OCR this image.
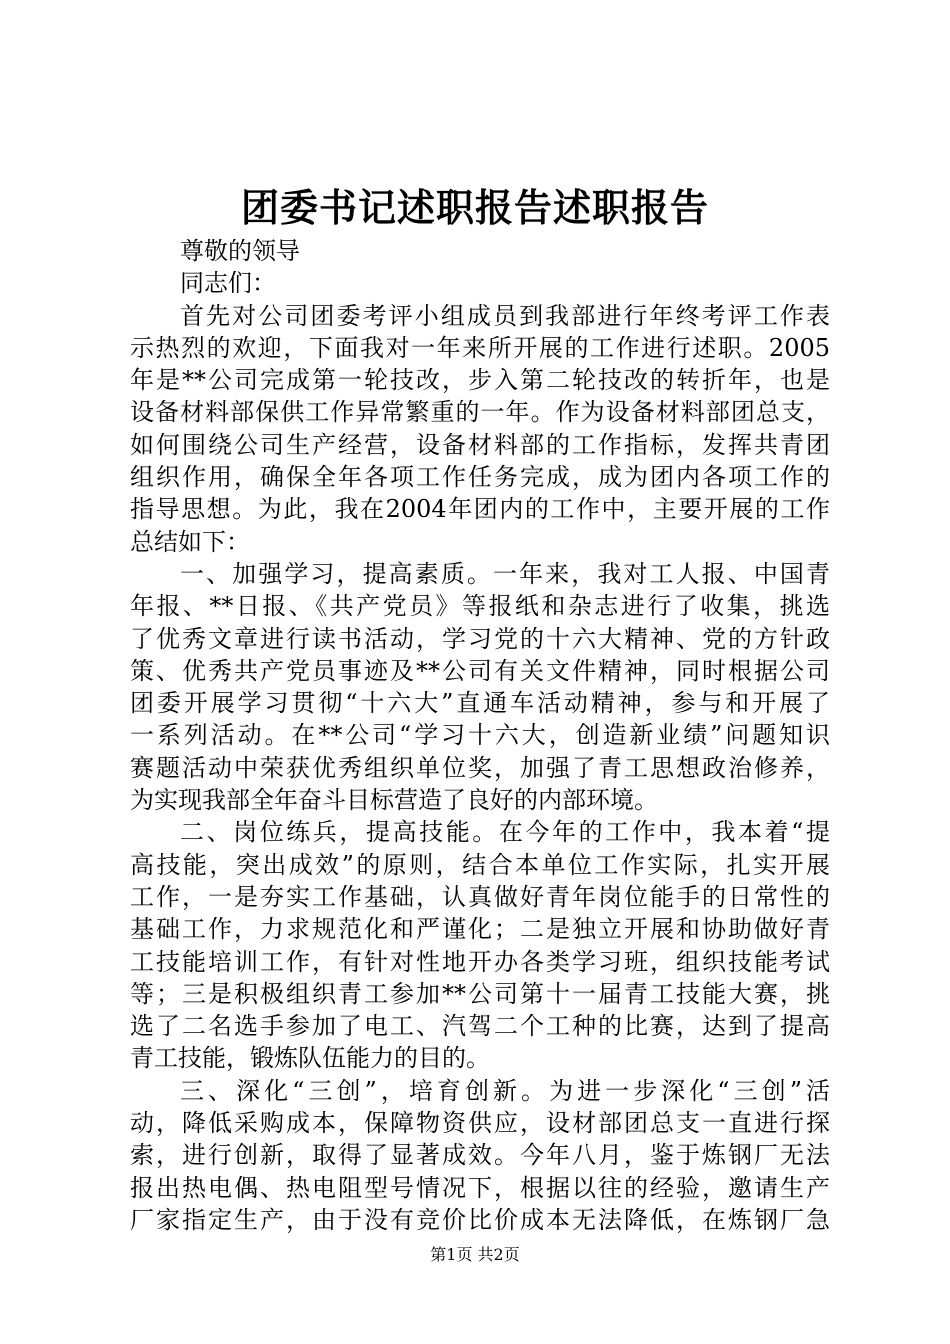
团委书记述职报告述职报告
尊敬的领导
同志们：
首先对公司团委考评小组成员到我部进行年终考评工作表
示热烈的欢迎，下面我对一年来所开展的工作进行述职。2005
年是**公司完成第一轮技改，步入第二轮技改的转折年，也是
设备材料部保供工作异常繁重的一年。作为设备材料部团总支，
如何围绕公司生产经营，设备材料部的工作指标，发挥共青团
组织作用，确保全年各项工作任务完成，成为团内各项工作的
指导思想。为此，我在2004年团内的工作中，主要开展的工作
总结如下：
一、加强学习，提高素质。一年来，我对工人报、中国青
年报、**日报、《共产党员》等报纸和杂志进行了收集，挑选
了优秀文章进行读书活动，学习党的十六大精神、党的方针政
策、优秀共产党员事迹及**公司有关文件精神，同时根据公司
团委开展学习贯彻“十六大”直通车活动精神，参与和开展了
一系列活动。在**公司“学习十六大，创造新业绩”问题知识
赛题活动中荣获优秀组织单位奖，加强了青工思想政治修养，
为实现我部全年奋斗目标营造了良好的内部环境。
二、岗位练兵，提高技能。在今年的工作中，我本着“提
高技能，突出成效”的原则，结合本单位工作实际，扎实开展
工作，一是夯实工作基础，认真做好青年岗位能手的日常性的
基础工作，力求规范化和严谨化；二是独立开展和协助做好青
工技能培训工作，有针对性地开办各类学习班，组织技能考试
等；三是积极组织青工参加**公司第十一届青工技能大赛，挑
选了二名选手参加了电工、汽驾二个工种的比赛，达到了提高
青工技能，锻炼队伍能力的目的。
三、深化“三创”，培育创新。为进一步深化“三创”活
动，降低采购成本，保障物资供应，设材部团总支一直进行探
索，进行创新，取得了显著成效。今年八月，鉴于炼钢厂无法
报出热电偶、热电阻型号情况下，根据以往的经验，邀请生产
厂家指定生产，由于没有竞价比价成本无法降低，在炼钢厂急
第1页 共2页
